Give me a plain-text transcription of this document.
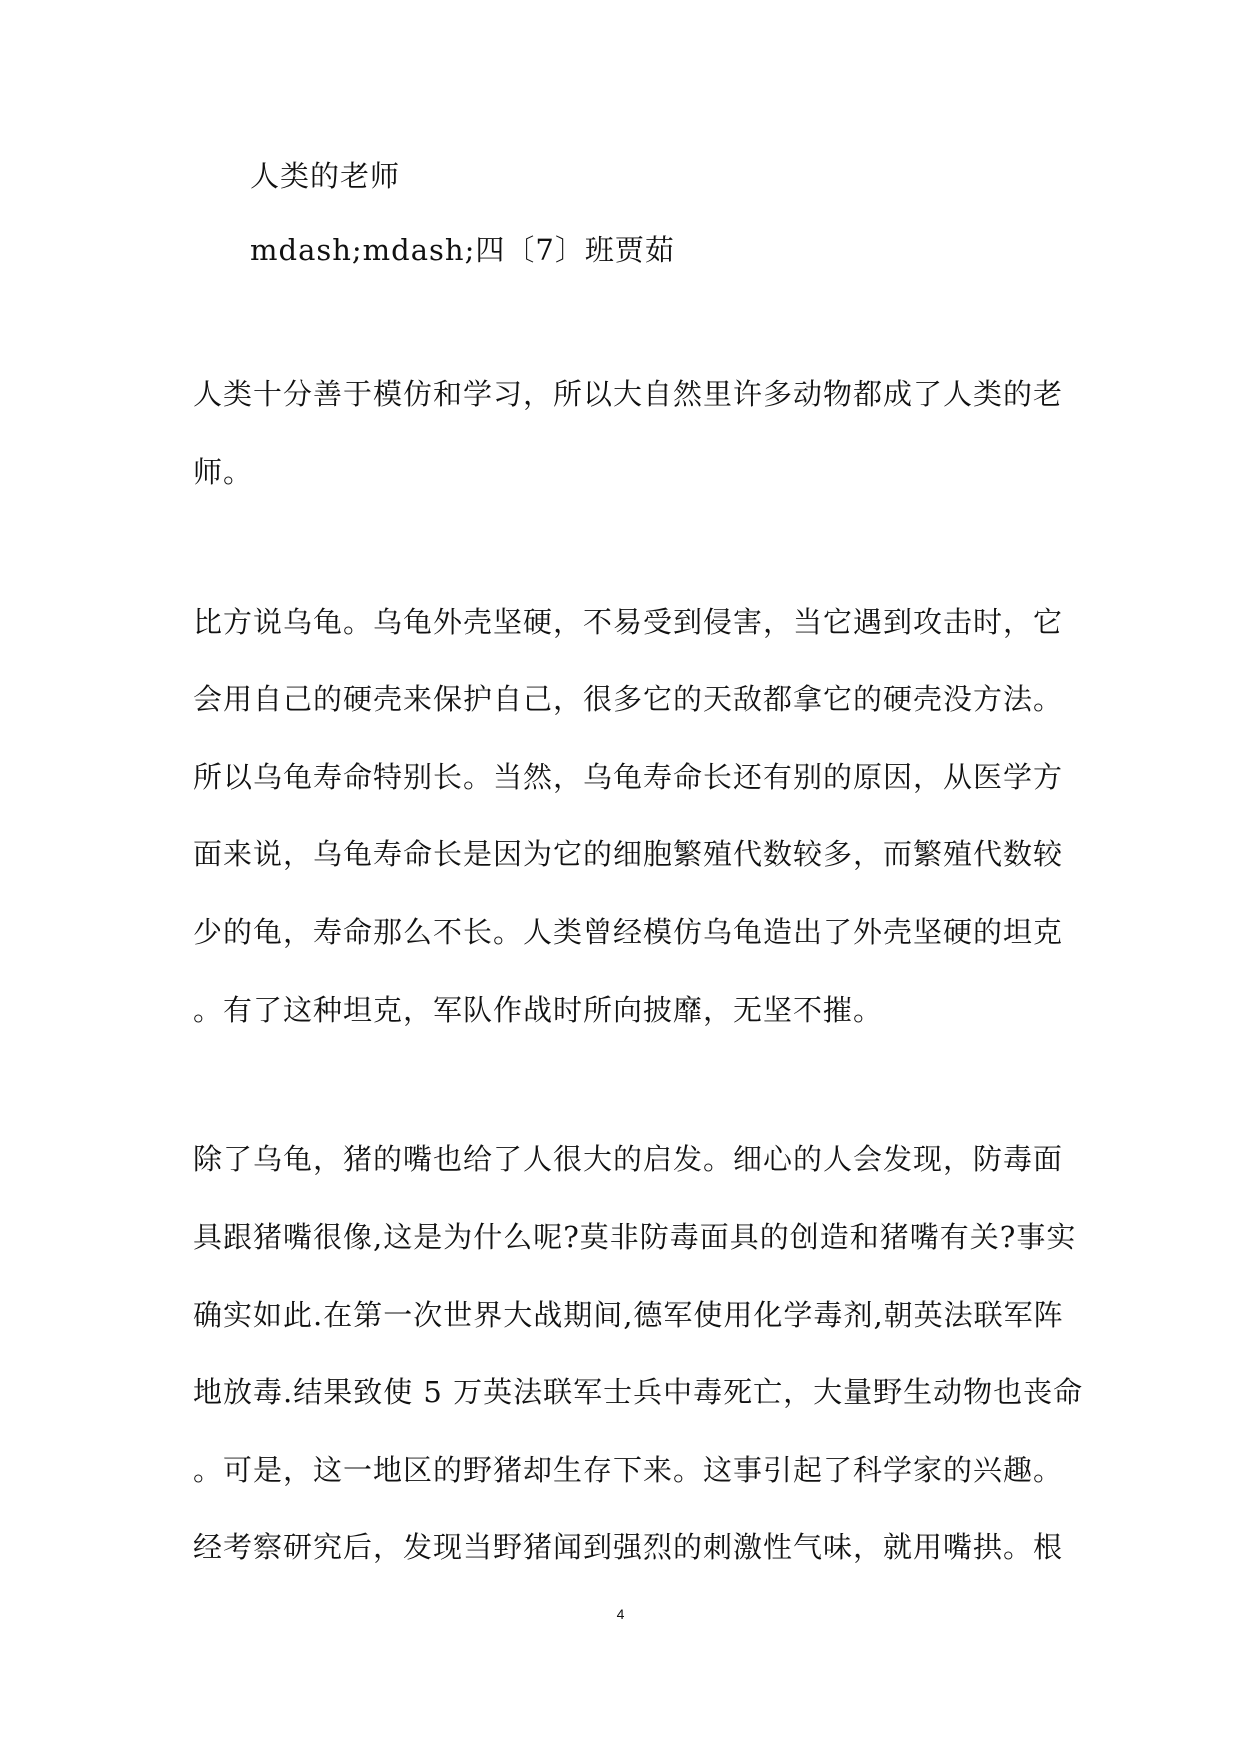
人类的老师
mdash;mdash;四〔7〕班贾茹
人类十分善于模仿和学习，所以大自然里许多动物都成了人类的老
师。
比方说乌龟。乌龟外壳坚硬，不易受到侵害，当它遇到攻击时，它
会用自己的硬壳来保护自己，很多它的天敌都拿它的硬壳没方法。
所以乌龟寿命特别长。当然，乌龟寿命长还有别的原因，从医学方
面来说，乌龟寿命长是因为它的细胞繁殖代数较多，而繁殖代数较
少的龟，寿命那么不长。人类曾经模仿乌龟造出了外壳坚硬的坦克
。有了这种坦克，军队作战时所向披靡，无坚不摧。
除了乌龟，猪的嘴也给了人很大的启发。细心的人会发现，防毒面
具跟猪嘴很像,这是为什么呢?莫非防毒面具的创造和猪嘴有关?事实
确实如此.在第一次世界大战期间,德军使用化学毒剂,朝英法联军阵
地放毒.结果致使 5 万英法联军士兵中毒死亡，大量野生动物也丧命
。可是，这一地区的野猪却生存下来。这事引起了科学家的兴趣。
经考察研究后，发现当野猪闻到强烈的刺激性气味，就用嘴拱。根
4
